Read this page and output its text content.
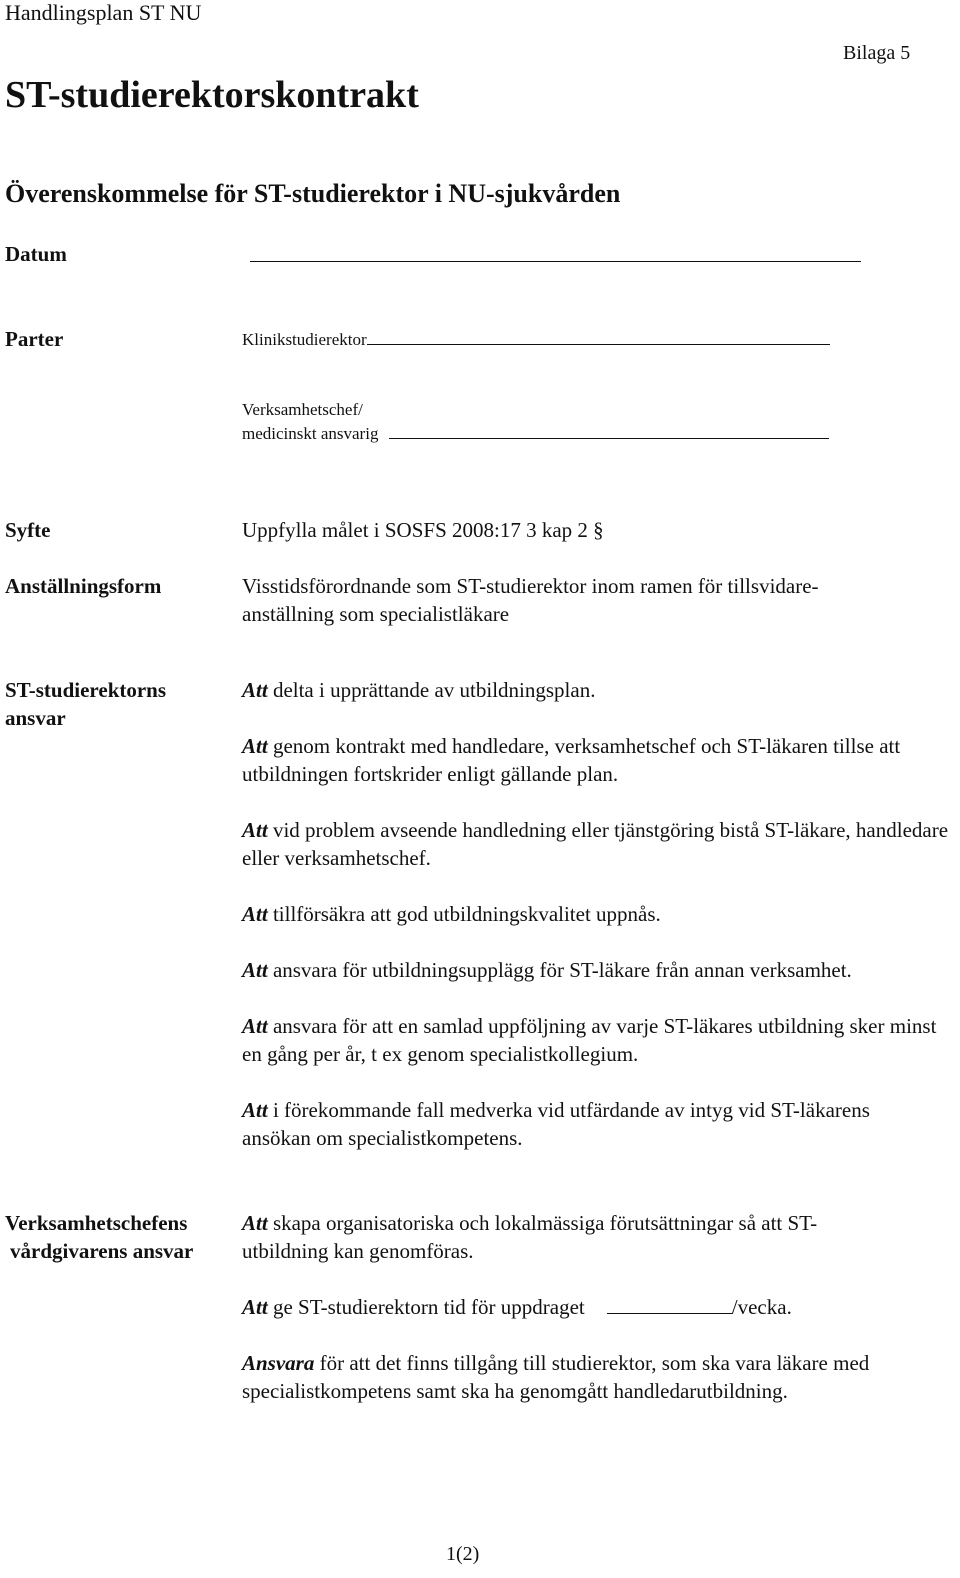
Handlingsplan ST NU
Bilaga 5
ST-studierektorskontrakt
Överenskommelse för ST-studierektor i NU-sjukvården
Datum
Parter	Klinikstudierektor
Verksamhetschef/
medicinskt ansvarig
Syfte	Uppfylla målet i SOSFS 2008:17 3 kap 2 §

Anställningsform	Visstidsförordnande som ST-studierektor inom ramen för tillsvidare-
anställning som specialistläkare

ST-studierektorns
ansvar

Att delta i upprättande av utbildningsplan.

Att genom kontrakt med handledare, verksamhetschef och ST-läkaren tillse att utbildningen fortskrider enligt gällande plan.

Att vid problem avseende handledning eller tjänstgöring bistå ST-läkare, handledare eller verksamhetschef.

Att tillförsäkra att god utbildningskvalitet uppnås.

Att ansvara för utbildningsupplägg för ST-läkare från annan verksamhet.

Att ansvara för att en samlad uppföljning av varje ST-läkares utbildning sker minst en gång per år, t ex genom specialistkollegium.

Att i förekommande fall medverka vid utfärdande av intyg vid ST-läkarens ansökan om specialistkompetens.

Verksamhetschefens
vårdgivarens ansvar

Att skapa organisatoriska och lokalmässiga förutsättningar så att ST-utbildning kan genomföras.

Att ge ST-studierektorn tid för uppdraget	/vecka.

Ansvara för att det finns tillgång till studierektor, som ska vara läkare med specialistkompetens samt ska ha genomgått handledarutbildning.

1(2)
